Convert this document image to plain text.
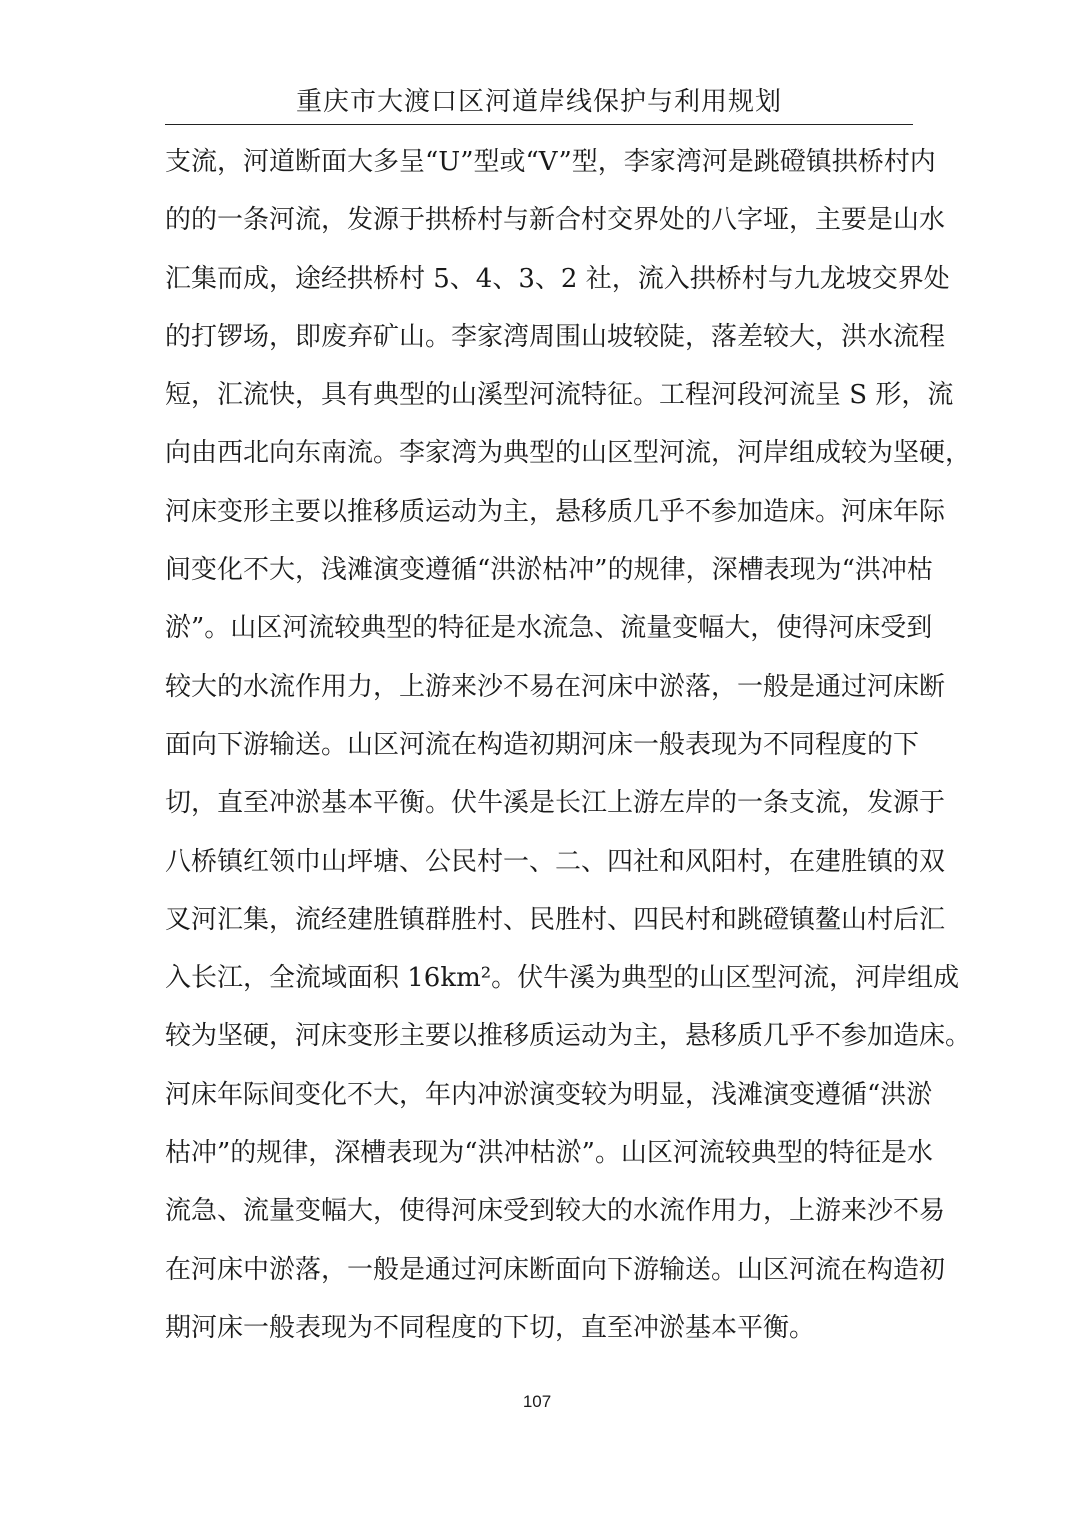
重庆市大渡口区河道岸线保护与利用规划
支流，河道断面大多呈“U”型或“V”型，李家湾河是跳磴镇拱桥村内
的的一条河流，发源于拱桥村与新合村交界处的八字垭，主要是山水
汇集而成，途经拱桥村 5、4、3、2 社，流入拱桥村与九龙坡交界处
的打锣场，即废弃矿山。李家湾周围山坡较陡，落差较大，洪水流程
短，汇流快，具有典型的山溪型河流特征。工程河段河流呈 S 形，流
向由西北向东南流。李家湾为典型的山区型河流，河岸组成较为坚硬，
河床变形主要以推移质运动为主，悬移质几乎不参加造床。河床年际
间变化不大，浅滩演变遵循“洪淤枯冲”的规律，深槽表现为“洪冲枯
淤”。山区河流较典型的特征是水流急、流量变幅大，使得河床受到
较大的水流作用力，上游来沙不易在河床中淤落，一般是通过河床断
面向下游输送。山区河流在构造初期河床一般表现为不同程度的下
切，直至冲淤基本平衡。伏牛溪是长江上游左岸的一条支流，发源于
八桥镇红领巾山坪塘、公民村一、二、四社和风阳村，在建胜镇的双
叉河汇集，流经建胜镇群胜村、民胜村、四民村和跳磴镇鳌山村后汇
入长江，全流域面积 16km²。伏牛溪为典型的山区型河流，河岸组成
较为坚硬，河床变形主要以推移质运动为主，悬移质几乎不参加造床。
河床年际间变化不大，年内冲淤演变较为明显，浅滩演变遵循“洪淤
枯冲”的规律，深槽表现为“洪冲枯淤”。山区河流较典型的特征是水
流急、流量变幅大，使得河床受到较大的水流作用力，上游来沙不易
在河床中淤落，一般是通过河床断面向下游输送。山区河流在构造初
期河床一般表现为不同程度的下切，直至冲淤基本平衡。
107
